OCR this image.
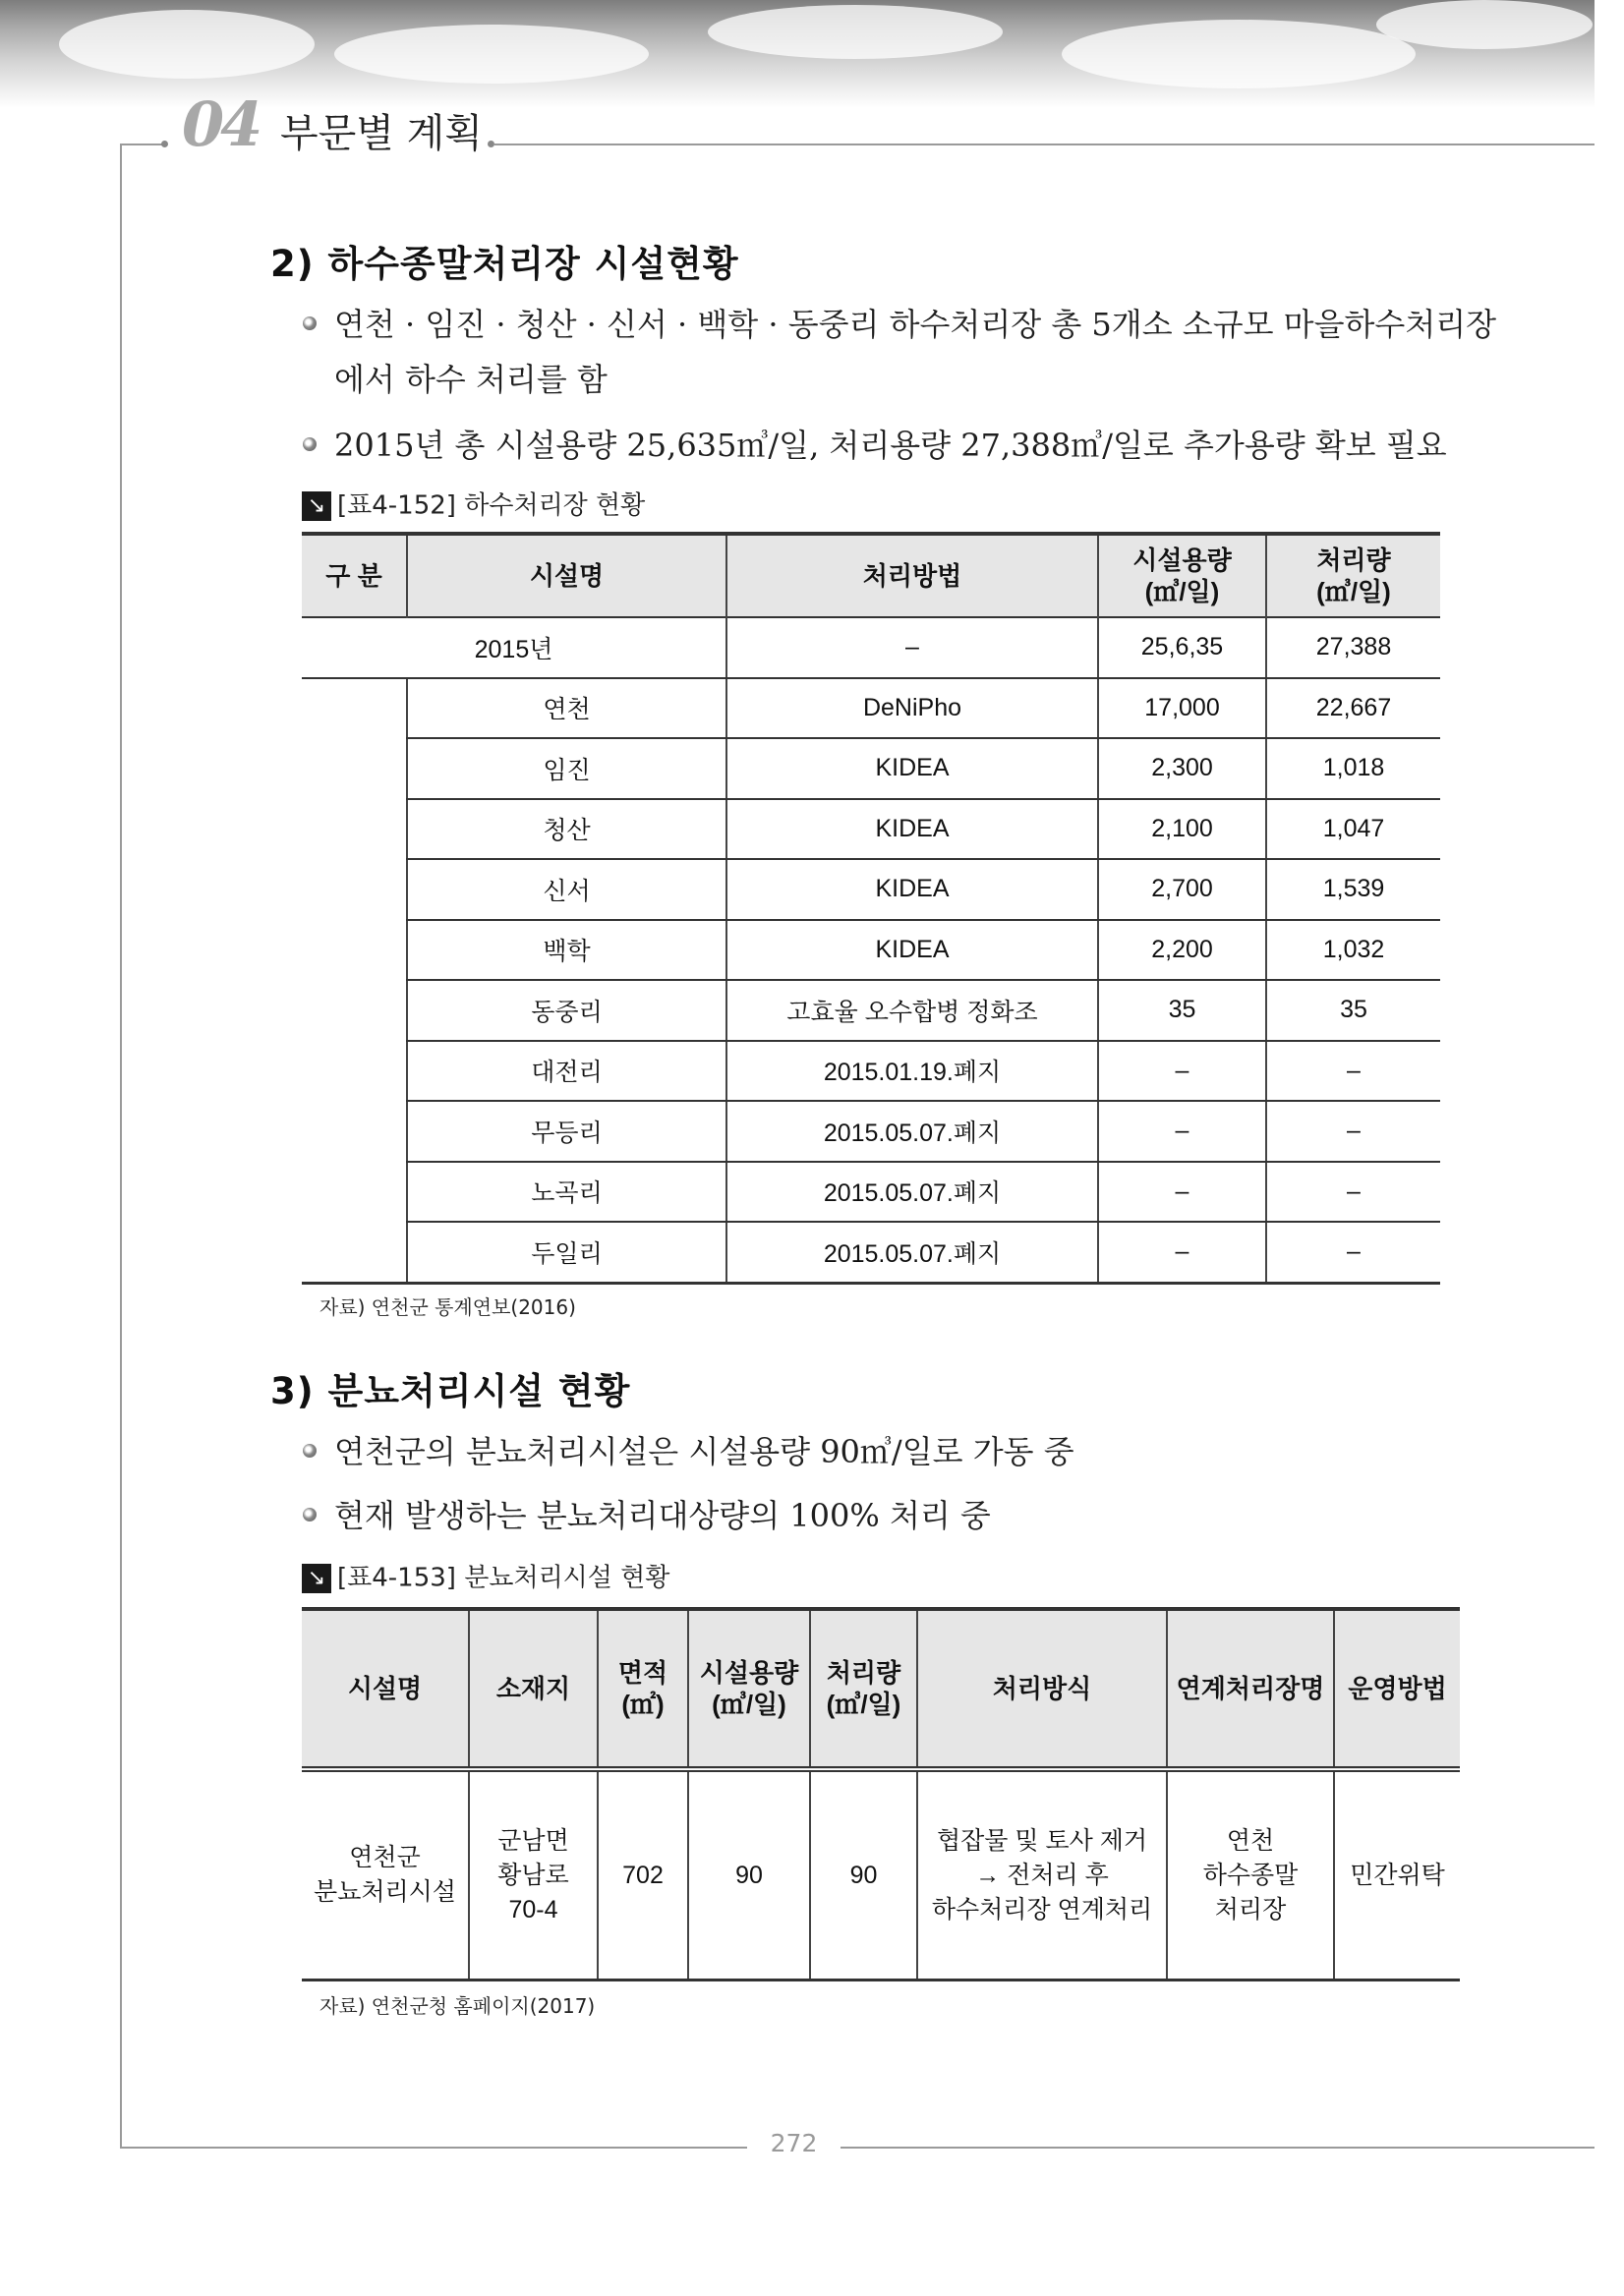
04 부문별 계획
272
2) 하수종말처리장 시설현황
연천 · 임진 · 청산 · 신서 · 백학 · 동중리 하수처리장 총 5개소 소규모 마을하수처리장
에서 하수 처리를 함
2015년 총 시설용량 25,635㎥/일, 처리용량 27,388㎥/일로 추가용량 확보 필요
↘ [표4-152] 하수처리장 현황
구 분	시설명	처리방법	시설용량
(㎥/일)	처리량
(㎥/일)

2015년		–	25,6,35	27,388
	연천	DeNiPho	17,000	22,667
	임진	KIDEA	2,300	1,018
	청산	KIDEA	2,100	1,047
	신서	KIDEA	2,700	1,539
	백학	KIDEA	2,200	1,032
	동중리	고효율 오수합병 정화조	35	35
	대전리	2015.01.19.폐지	–	–
	무등리	2015.05.07.폐지	–	–
	노곡리	2015.05.07.폐지	–	–
	두일리	2015.05.07.폐지	–	–
자료) 연천군 통계연보(2016)
3) 분뇨처리시설 현황
연천군의 분뇨처리시설은 시설용량 90㎥/일로 가동 중
현재 발생하는 분뇨처리대상량의 100% 처리 중
↘ [표4-153] 분뇨처리시설 현황
시설명	소재지	면적
(㎡)	시설용량
(㎥/일)	처리량
(㎥/일)	처리방식	연계처리장명	운영방법

연천군
분뇨처리시설	군남면
황남로
70-4	702	90	90	협잡물 및 토사 제거
→ 전처리 후
하수처리장 연계처리	연천
하수종말
처리장	민간위탁
자료) 연천군청 홈페이지(2017)
